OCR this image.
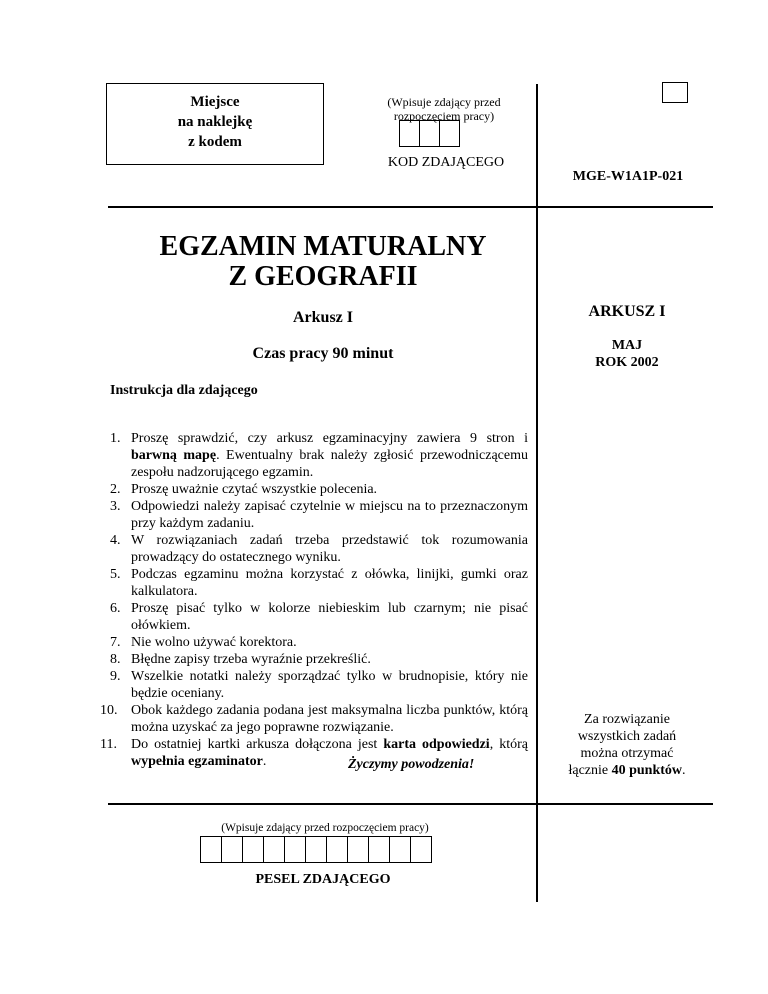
Miejsce
na naklejkę
z kodem
(Wpisuje zdający przed rozpoczęciem pracy)
KOD ZDAJĄCEGO
MGE-W1A1P-021
EGZAMIN MATURALNY
Z GEOGRAFII
Arkusz I
Czas pracy 90 minut
ARKUSZ I
MAJ
ROK 2002
Instrukcja dla zdającego
1. Proszę sprawdzić, czy arkusz egzaminacyjny zawiera 9 stron i barwną mapę. Ewentualny brak należy zgłosić przewodniczącemu zespołu nadzorującego egzamin.
2. Proszę uważnie czytać wszystkie polecenia.
3. Odpowiedzi należy zapisać czytelnie w miejscu na to przeznaczonym przy każdym zadaniu.
4. W rozwiązaniach zadań trzeba przedstawić tok rozumowania prowadzący do ostatecznego wyniku.
5. Podczas egzaminu można korzystać z ołówka, linijki, gumki oraz kalkulatora.
6. Proszę pisać tylko w kolorze niebieskim lub czarnym; nie pisać ołówkiem.
7. Nie wolno używać korektora.
8. Błędne zapisy trzeba wyraźnie przekreślić.
9. Wszelkie notatki należy sporządzać tylko w brudnopisie, który nie będzie oceniany.
10. Obok każdego zadania podana jest maksymalna liczba punktów, którą można uzyskać za jego poprawne rozwiązanie.
11. Do ostatniej kartki arkusza dołączona jest karta odpowiedzi, którą wypełnia egzaminator.	Życzymy powodzenia!
Za rozwiązanie
wszystkich zadań
można otrzymać
łącznie 40 punktów.
(Wpisuje zdający przed rozpoczęciem pracy)
PESEL ZDAJĄCEGO
